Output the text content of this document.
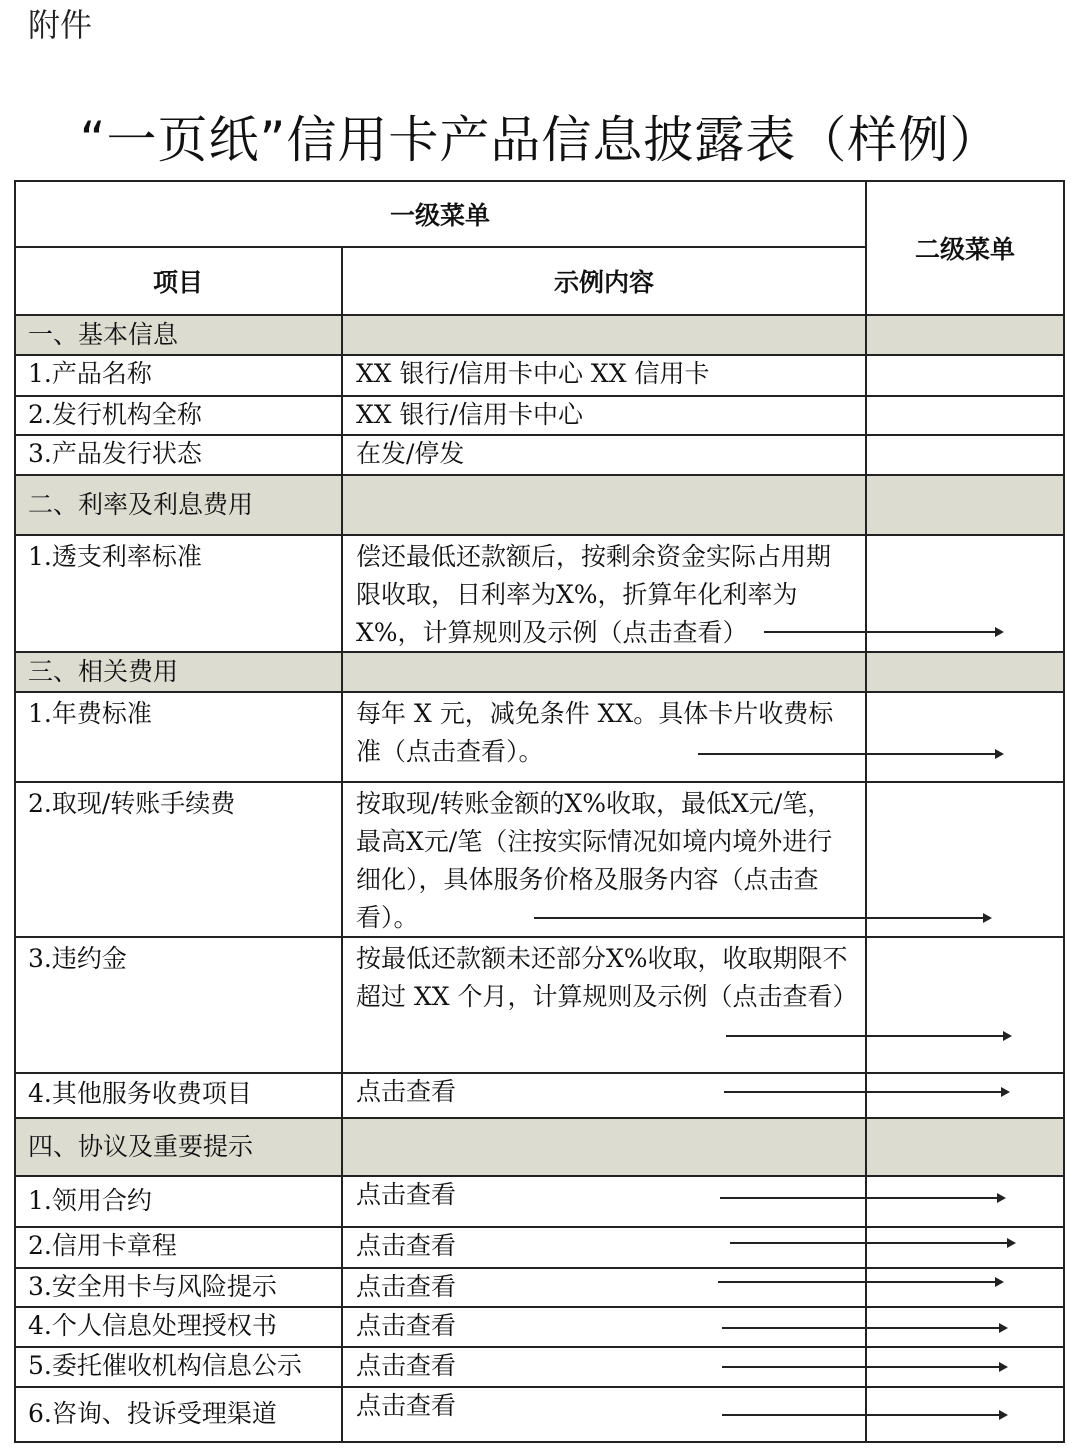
附件
“一页纸”信用卡产品信息披露表（样例）
一级菜单
二级菜单
项目	示例内容
一、基本信息
1.产品名称	XX 银行/信用卡中心 XX 信用卡
2.发行机构全称	XX 银行/信用卡中心
3.产品发行状态	在发/停发
二、利率及利息费用
1.透支利率标准	偿还最低还款额后，按剩余资金实际占用期限收取，日利率为X%，折算年化利率为X%，计算规则及示例（点击查看）
三、相关费用
1.年费标准	每年 X 元，减免条件 XX。具体卡片收费标准（点击查看）。
2.取现/转账手续费	按取现/转账金额的X%收取，最低X元/笔，最高X元/笔（注按实际情况如境内境外进行细化），具体服务价格及服务内容（点击查看）。
3.违约金	按最低还款额未还部分X%收取，收取期限不超过 XX 个月，计算规则及示例（点击查看）
4.其他服务收费项目	点击查看
四、协议及重要提示
1.领用合约	点击查看
2.信用卡章程	点击查看
3.安全用卡与风险提示	点击查看
4.个人信息处理授权书	点击查看
5.委托催收机构信息公示	点击查看
6.咨询、投诉受理渠道	点击查看
